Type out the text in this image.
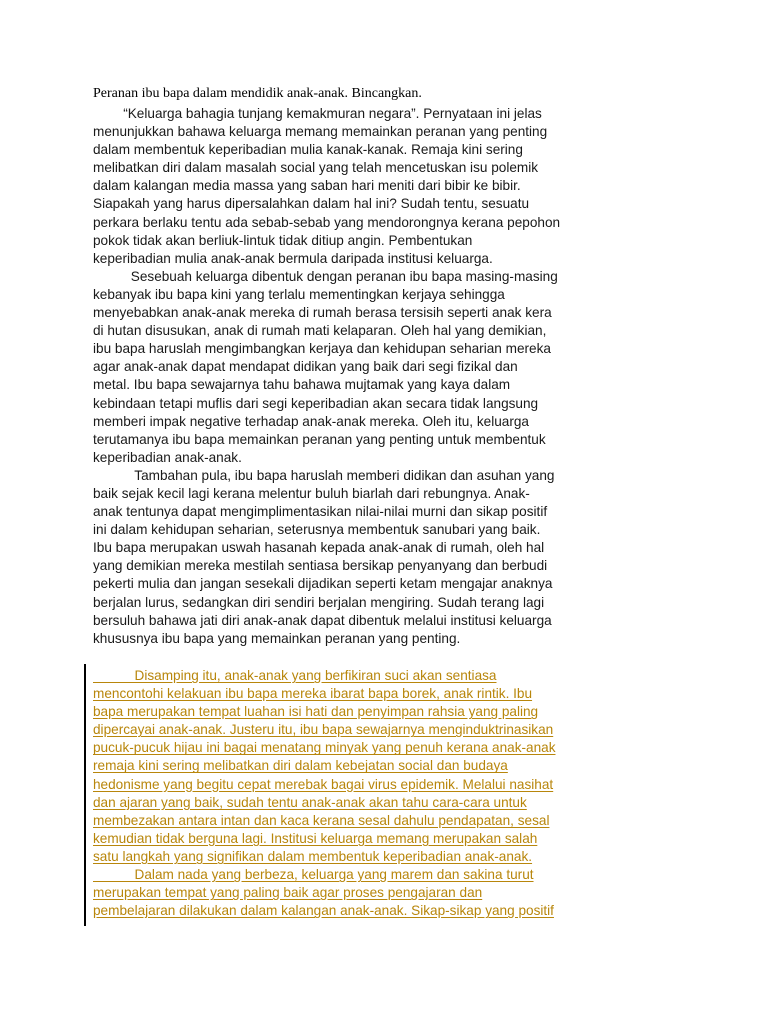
Peranan ibu bapa dalam mendidik anak-anak. Bincangkan.
“Keluarga bahagia tunjang kemakmuran negara”. Pernyataan ini jelas
menunjukkan bahawa keluarga memang memainkan peranan yang penting
dalam membentuk keperibadian mulia kanak-kanak. Remaja kini sering
melibatkan diri dalam masalah social yang telah mencetuskan isu polemik
dalam kalangan media massa yang saban hari meniti dari bibir ke bibir.
Siapakah yang harus dipersalahkan dalam hal ini? Sudah tentu, sesuatu
perkara berlaku tentu ada sebab-sebab yang mendorongnya kerana pepohon
pokok tidak akan berliuk-lintuk tidak ditiup angin. Pembentukan
keperibadian mulia anak-anak bermula daripada institusi keluarga.
Sesebuah keluarga dibentuk dengan peranan ibu bapa masing-masing
kebanyak ibu bapa kini yang terlalu mementingkan kerjaya sehingga
menyebabkan anak-anak mereka di rumah berasa tersisih seperti anak kera
di hutan disusukan, anak di rumah mati kelaparan. Oleh hal yang demikian,
ibu bapa haruslah mengimbangkan kerjaya dan kehidupan seharian mereka
agar anak-anak dapat mendapat didikan yang baik dari segi fizikal dan
metal. Ibu bapa sewajarnya tahu bahawa mujtamak yang kaya dalam
kebindaan tetapi muflis dari segi keperibadian akan secara tidak langsung
memberi impak negative terhadap anak-anak mereka. Oleh itu, keluarga
terutamanya ibu bapa memainkan peranan yang penting untuk membentuk
keperibadian anak-anak.
Tambahan pula, ibu bapa haruslah memberi didikan dan asuhan yang
baik sejak kecil lagi kerana melentur buluh biarlah dari rebungnya. Anak-
anak tentunya dapat mengimplimentasikan nilai-nilai murni dan sikap positif
ini dalam kehidupan seharian, seterusnya membentuk sanubari yang baik.
Ibu bapa merupakan uswah hasanah kepada anak-anak di rumah, oleh hal
yang demikian mereka mestilah sentiasa bersikap penyanyang dan berbudi
pekerti mulia dan jangan sesekali dijadikan seperti ketam mengajar anaknya
berjalan lurus, sedangkan diri sendiri berjalan mengiring. Sudah terang lagi
bersuluh bahawa jati diri anak-anak dapat dibentuk melalui institusi keluarga
khususnya ibu bapa yang memainkan peranan yang penting.
Disamping itu, anak-anak yang berfikiran suci akan sentiasa
mencontohi kelakuan ibu bapa mereka ibarat bapa borek, anak rintik. Ibu
bapa merupakan tempat luahan isi hati dan penyimpan rahsia yang paling
dipercayai anak-anak. Justeru itu, ibu bapa sewajarnya menginduktrinasikan
pucuk-pucuk hijau ini bagai menatang minyak yang penuh kerana anak-anak
remaja kini sering melibatkan diri dalam kebejatan social dan budaya
hedonisme yang begitu cepat merebak bagai virus epidemik. Melalui nasihat
dan ajaran yang baik, sudah tentu anak-anak akan tahu cara-cara untuk
membezakan antara intan dan kaca kerana sesal dahulu pendapatan, sesal
kemudian tidak berguna lagi. Institusi keluarga memang merupakan salah
satu langkah yang signifikan dalam membentuk keperibadian anak-anak.
Dalam nada yang berbeza, keluarga yang marem dan sakina turut
merupakan tempat yang paling baik agar proses pengajaran dan
pembelajaran dilakukan dalam kalangan anak-anak. Sikap-sikap yang positif
